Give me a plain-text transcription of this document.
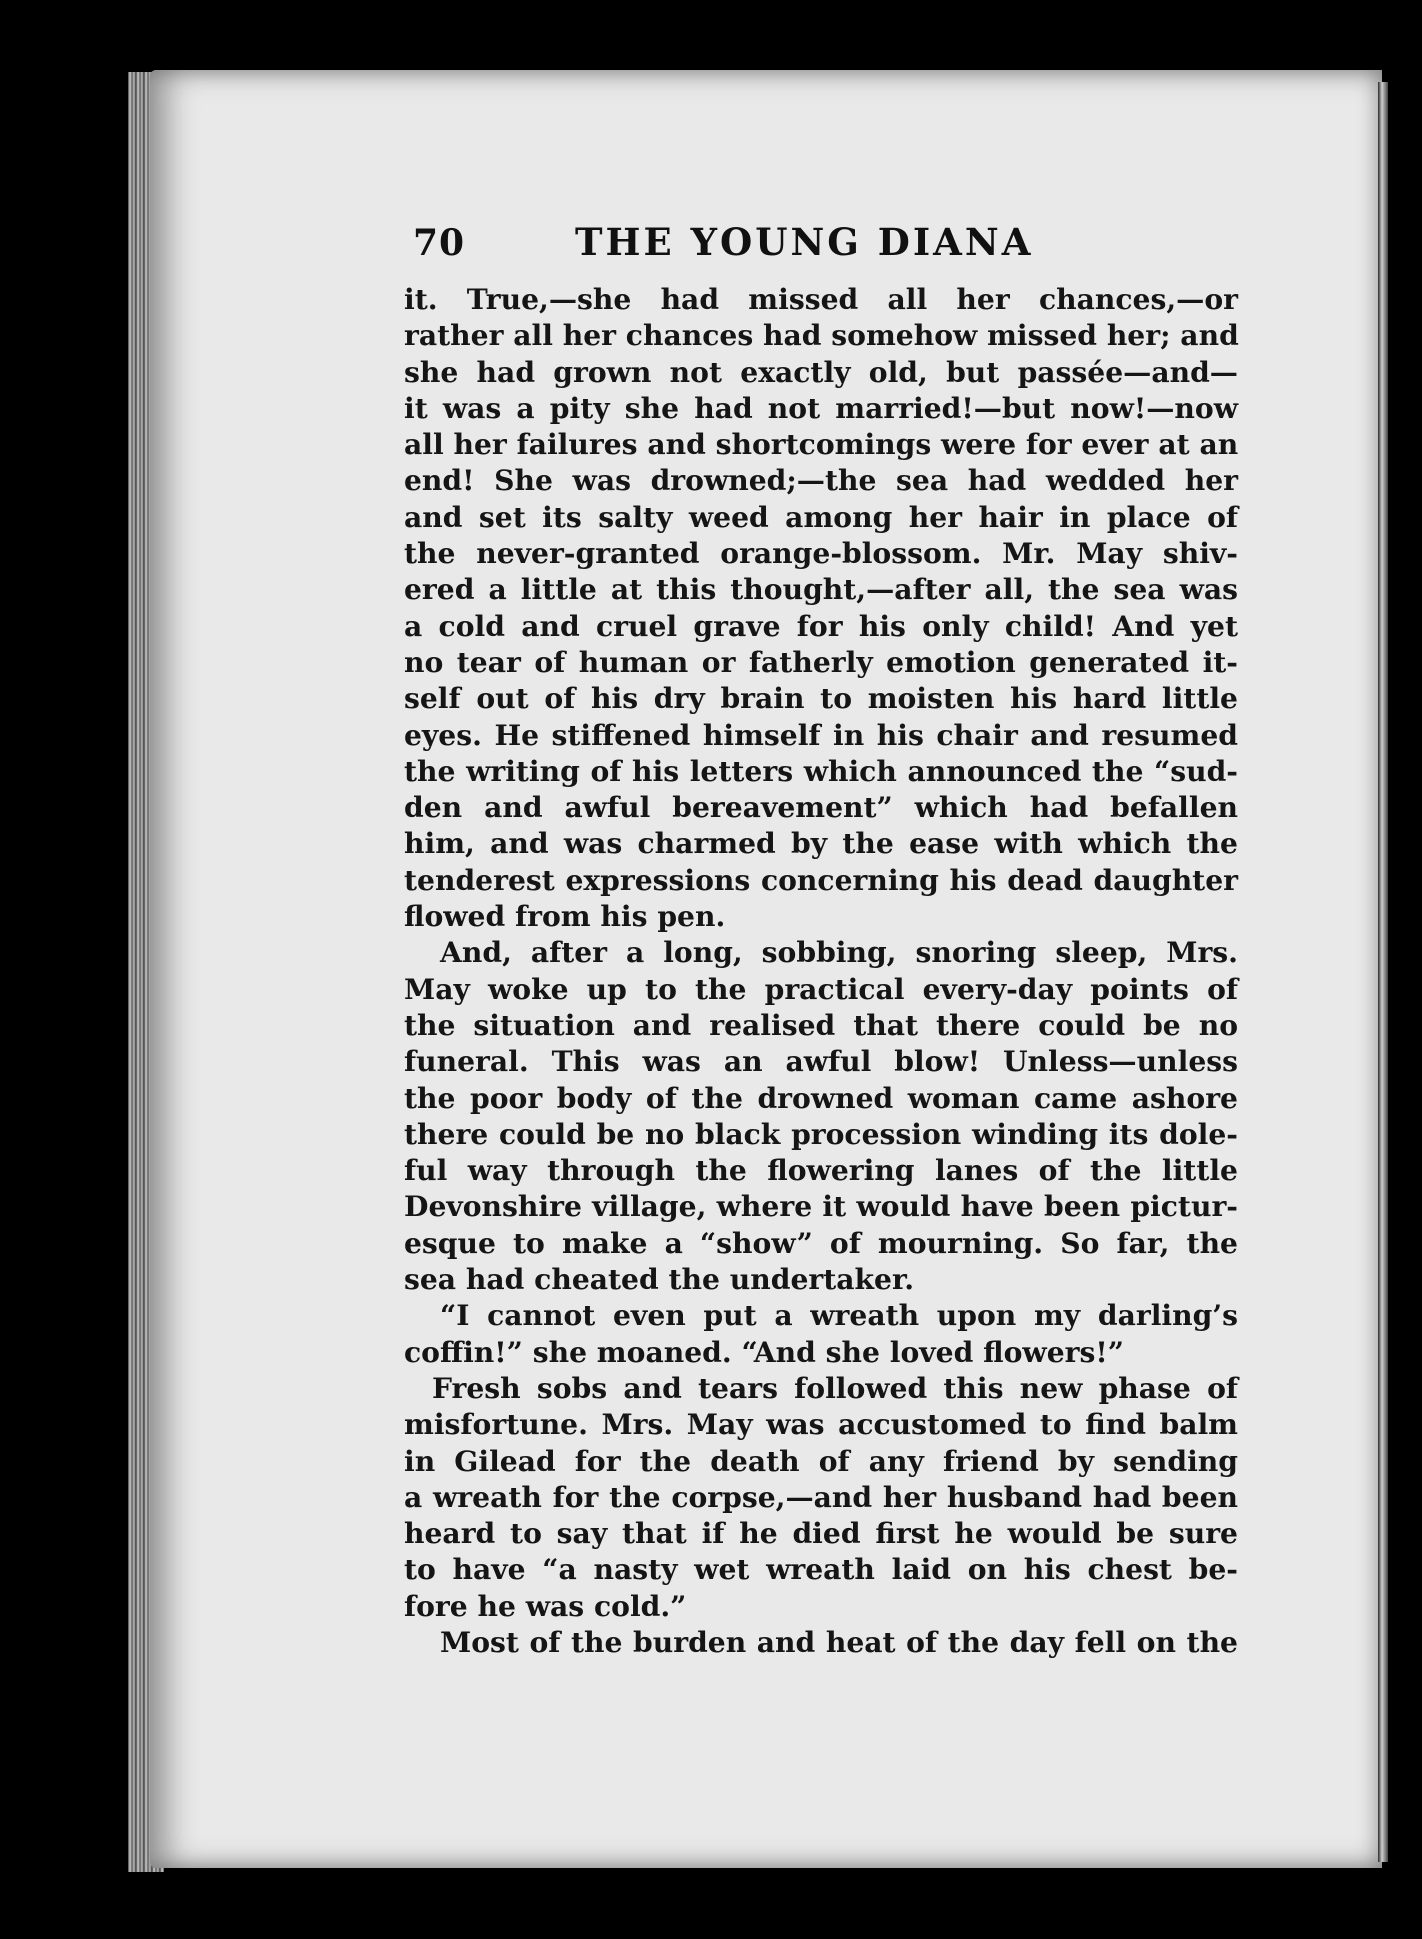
70	THE YOUNG DIANA
it. True,—she had missed all her chances,—or
rather all her chances had somehow missed her; and
she had grown not exactly old, but passée—and—
it was a pity she had not married!—but now!—now
all her failures and shortcomings were for ever at an
end! She was drowned;—the sea had wedded her
and set its salty weed among her hair in place of
the never-granted orange-blossom. Mr. May shiv-
ered a little at this thought,—after all, the sea was
a cold and cruel grave for his only child! And yet
no tear of human or fatherly emotion generated it-
self out of his dry brain to moisten his hard little
eyes. He stiffened himself in his chair and resumed
the writing of his letters which announced the “sud-
den and awful bereavement” which had befallen
him, and was charmed by the ease with which the
tenderest expressions concerning his dead daughter
flowed from his pen.
And, after a long, sobbing, snoring sleep, Mrs.
May woke up to the practical every-day points of
the situation and realised that there could be no
funeral. This was an awful blow! Unless—unless
the poor body of the drowned woman came ashore
there could be no black procession winding its dole-
ful way through the flowering lanes of the little
Devonshire village, where it would have been pictur-
esque to make a “show” of mourning. So far, the
sea had cheated the undertaker.
“I cannot even put a wreath upon my darling’s
coffin!” she moaned. “And she loved flowers!”
Fresh sobs and tears followed this new phase of
misfortune. Mrs. May was accustomed to find balm
in Gilead for the death of any friend by sending
a wreath for the corpse,—and her husband had been
heard to say that if he died first he would be sure
to have “a nasty wet wreath laid on his chest be-
fore he was cold.”
Most of the burden and heat of the day fell on the
